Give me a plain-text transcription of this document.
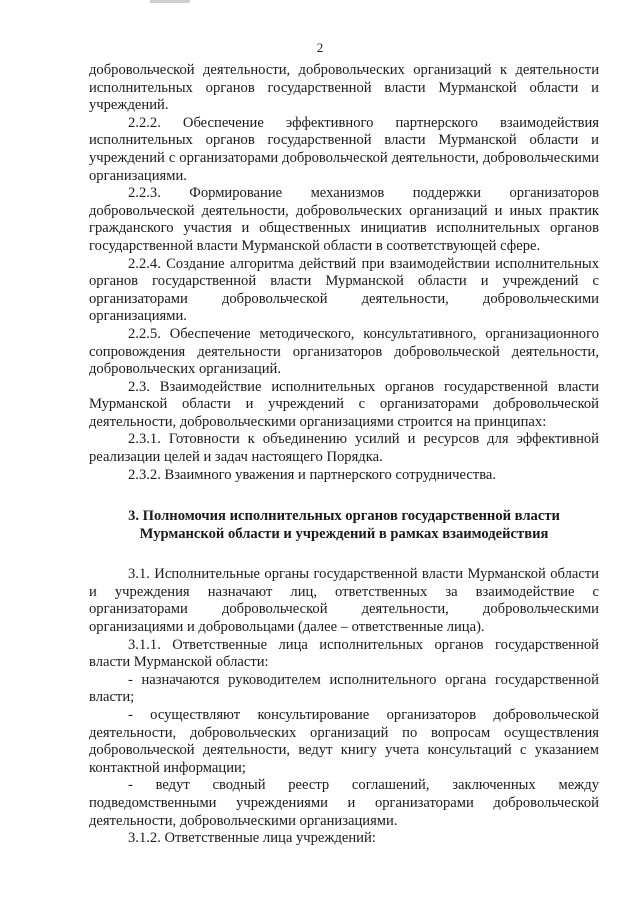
2

добровольческой деятельности, добровольческих организаций к деятельности исполнительных органов государственной власти Мурманской области и учреждений.

2.2.2. Обеспечение эффективного партнерского взаимодействия исполнительных органов государственной власти Мурманской области и учреждений с организаторами добровольческой деятельности, добровольческими организациями.

2.2.3. Формирование механизмов поддержки организаторов добровольческой деятельности, добровольческих организаций и иных практик гражданского участия и общественных инициатив исполнительных органов государственной власти Мурманской области в соответствующей сфере.

2.2.4. Создание алгоритма действий при взаимодействии исполнительных органов государственной власти Мурманской области и учреждений с организаторами добровольческой деятельности, добровольческими организациями.

2.2.5. Обеспечение методического, консультативного, организационного сопровождения деятельности организаторов добровольческой деятельности, добровольческих организаций.

2.3. Взаимодействие исполнительных органов государственной власти Мурманской области и учреждений с организаторами добровольческой деятельности, добровольческими организациями строится на принципах:

2.3.1. Готовности к объединению усилий и ресурсов для эффективной реализации целей и задач настоящего Порядка.

2.3.2. Взаимного уважения и партнерского сотрудничества.

3. Полномочия исполнительных органов государственной власти
Мурманской области и учреждений в рамках взаимодействия

3.1. Исполнительные органы государственной власти Мурманской области и учреждения назначают лиц, ответственных за взаимодействие с организаторами добровольческой деятельности, добровольческими организациями и добровольцами (далее – ответственные лица).

3.1.1. Ответственные лица исполнительных органов государственной власти Мурманской области:

- назначаются руководителем исполнительного органа государственной власти;

- осуществляют консультирование организаторов добровольческой деятельности, добровольческих организаций по вопросам осуществления добровольческой деятельности, ведут книгу учета консультаций с указанием контактной информации;

- ведут сводный реестр соглашений, заключенных между подведомственными учреждениями и организаторами добровольческой деятельности, добровольческими организациями.

3.1.2. Ответственные лица учреждений:
